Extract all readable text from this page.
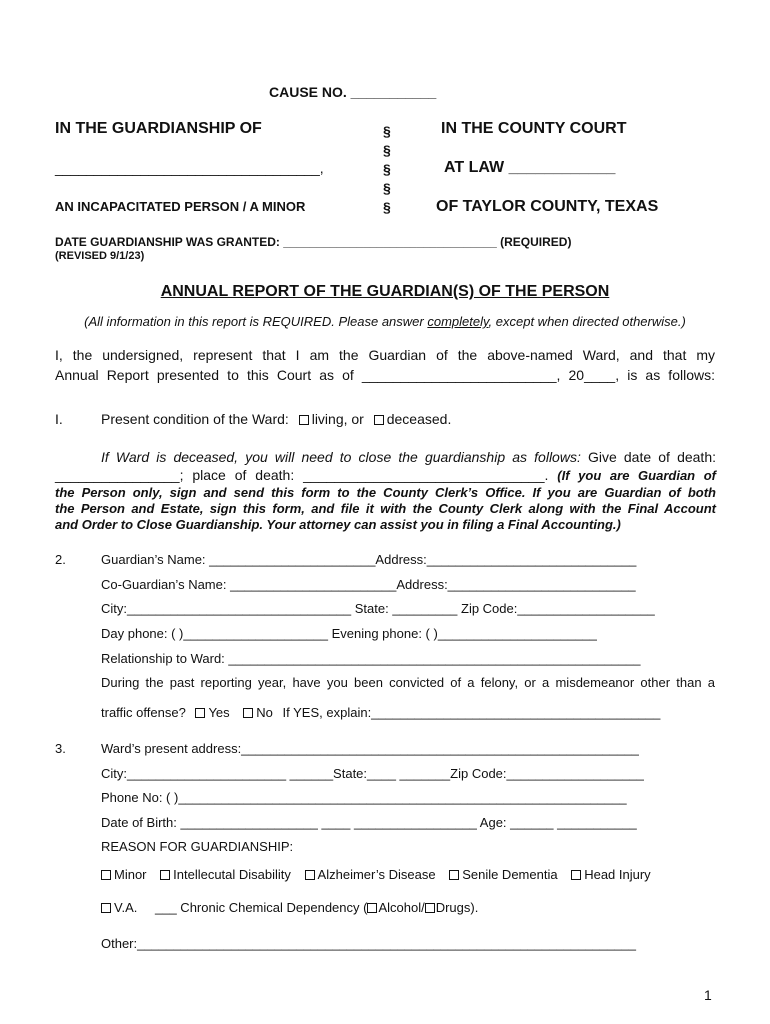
CAUSE NO. ___________
IN THE GUARDIANSHIP OF
__________________________________,
AN INCAPACITATED PERSON / A MINOR
§
§
§
§
§
IN THE COUNTY COURT
AT LAW ____________
OF TAYLOR COUNTY, TEXAS
DATE GUARDIANSHIP WAS GRANTED: ________________________________ (REQUIRED)
(REVISED 9/1/23)
ANNUAL REPORT OF THE GUARDIAN(S) OF THE PERSON
(All information in this report is REQUIRED. Please answer completely, except when directed otherwise.)
I, the undersigned, represent that I am the Guardian of the above-named Ward, and that my
Annual Report presented to this Court as of _________________________, 20____, is as follows:
I.	Present condition of the Ward: living, or deceased.
If Ward is deceased, you will need to close the guardianship as follows: Give date of death:
________________; place of death: _______________________________. (If you are Guardian of
the Person only, sign and send this form to the County Clerk’s Office. If you are Guardian of both
the Person and Estate, sign this form, and file it with the County Clerk along with the Final Account
and Order to Close Guardianship. Your attorney can assist you in filing a Final Accounting.)
2.	Guardian’s Name: _______________________Address:_____________________________
Co-Guardian’s Name: _______________________Address:__________________________
City:_______________________________ State: _________ Zip Code:___________________
Day phone: ( )____________________ Evening phone: ( )______________________
Relationship to Ward: _________________________________________________________
During the past reporting year, have you been convicted of a felony, or a misdemeanor other than a
traffic offense? Yes No If YES, explain:________________________________________
3.	Ward’s present address:_______________________________________________________
City:______________________ ______State:____ _______Zip Code:___________________
Phone No: ( )______________________________________________________________
Date of Birth: ___________________ ____ _________________ Age: ______ ___________
REASON FOR GUARDIANSHIP:
Minor Intellecutal Disability Alzheimer’s Disease Senile Dementia Head Injury
V.A. ___ Chronic Chemical Dependency ( Alcohol/ Drugs).
Other:_____________________________________________________________________
1
